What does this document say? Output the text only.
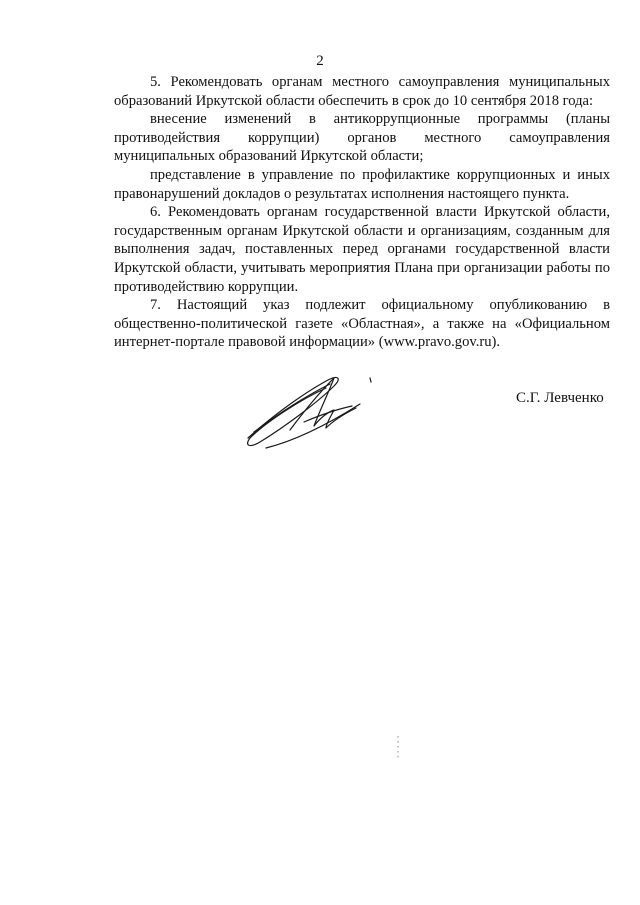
2

5. Рекомендовать органам местного самоуправления муниципальных образований Иркутской области обеспечить в срок до 10 сентября 2018 года:

внесение изменений в антикоррупционные программы (планы противодействия коррупции) органов местного самоуправления муниципальных образований Иркутской области;

представление в управление по профилактике коррупционных и иных правонарушений докладов о результатах исполнения настоящего пункта.

6. Рекомендовать органам государственной власти Иркутской области, государственным органам Иркутской области и организациям, созданным для выполнения задач, поставленных перед органами государственной власти Иркутской области, учитывать мероприятия Плана при организации работы по противодействию коррупции.

7. Настоящий указ подлежит официальному опубликованию в общественно-политической газете «Областная», а также на «Официальном интернет-портале правовой информации» (www.pravo.gov.ru).

С.Г. Левченко
